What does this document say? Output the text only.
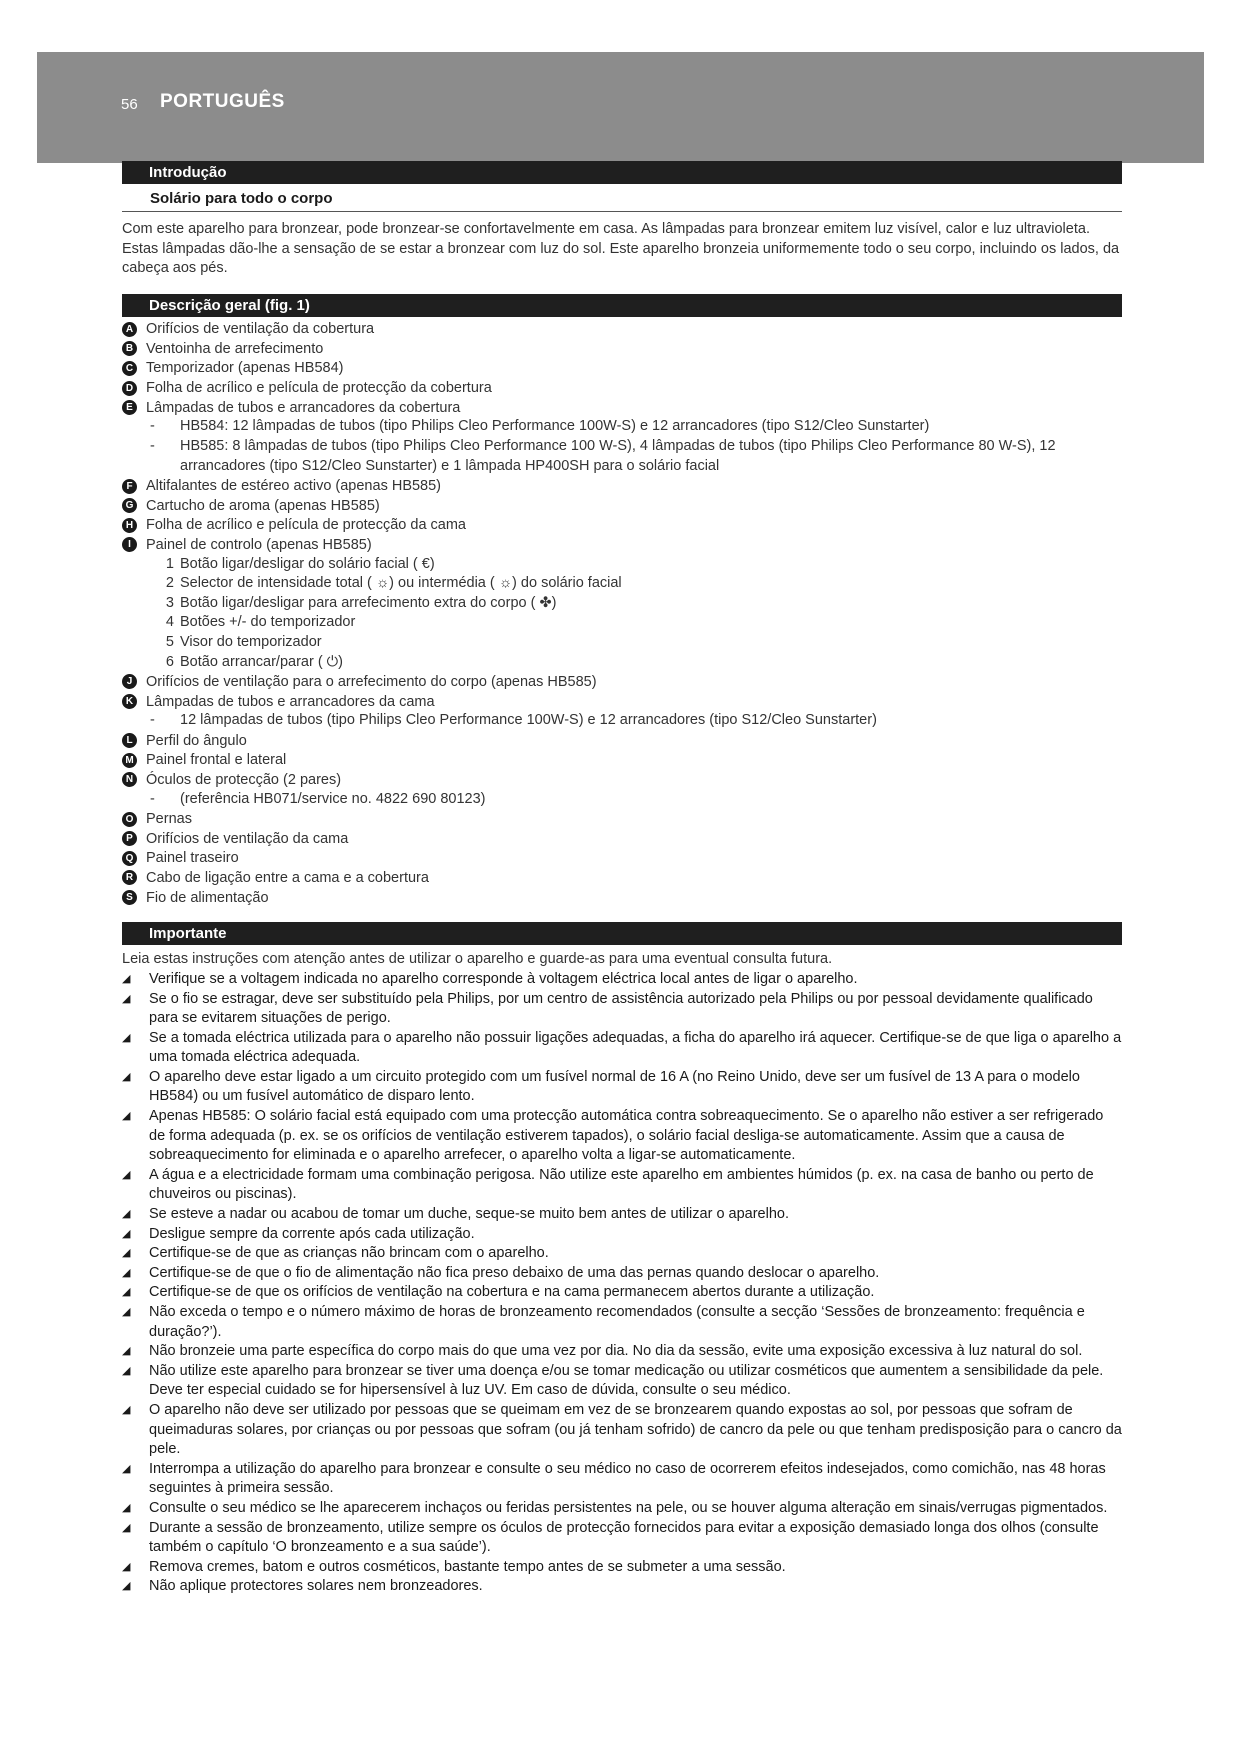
56 PORTUGUÊS
Introdução
Solário para todo o corpo
Com este aparelho para bronzear, pode bronzear-se confortavelmente em casa. As lâmpadas para bronzear emitem luz visível, calor e luz ultravioleta. Estas lâmpadas dão-lhe a sensação de se estar a bronzear com luz do sol. Este aparelho bronzeia uniformemente todo o seu corpo, incluindo os lados, da cabeça aos pés.
Descrição geral (fig. 1)
A Orifícios de ventilação da cobertura
B Ventoinha de arrefecimento
C Temporizador (apenas HB584)
D Folha de acrílico e película de protecção da cobertura
E Lâmpadas de tubos e arrancadores da cobertura
-	HB584: 12 lâmpadas de tubos (tipo Philips Cleo Performance 100W-S) e 12 arrancadores (tipo S12/Cleo Sunstarter)
-	HB585: 8 lâmpadas de tubos (tipo Philips Cleo Performance 100 W-S), 4 lâmpadas de tubos (tipo Philips Cleo Performance 80 W-S), 12 arrancadores (tipo S12/Cleo Sunstarter) e 1 lâmpada HP400SH para o solário facial
F Altifalantes de estéreo activo (apenas HB585)
G Cartucho de aroma (apenas HB585)
H Folha de acrílico e película de protecção da cama
I	Painel de controlo (apenas HB585)
1 Botão ligar/desligar do solário facial ( €)
2 Selector de intensidade total ( ☼) ou intermédia ( ☼) do solário facial
3 Botão ligar/desligar para arrefecimento extra do corpo ( ✤)
4 Botões +/- do temporizador
5 Visor do temporizador
6 Botão arrancar/parar ( ⏻)
J Orifícios de ventilação para o arrefecimento do corpo (apenas HB585)
K Lâmpadas de tubos e arrancadores da cama
-	12 lâmpadas de tubos (tipo Philips Cleo Performance 100W-S) e 12 arrancadores (tipo S12/Cleo Sunstarter)
L Perfil do ângulo
M Painel frontal e lateral
N Óculos de protecção (2 pares)
-	(referência HB071/service no. 4822 690 80123)
O Pernas
P Orifícios de ventilação da cama
Q Painel traseiro
R Cabo de ligação entre a cama e a cobertura
S Fio de alimentação
Importante
Leia estas instruções com atenção antes de utilizar o aparelho e guarde-as para uma eventual consulta futura.
◢	Verifique se a voltagem indicada no aparelho corresponde à voltagem eléctrica local antes de ligar o aparelho.
◢	Se o fio se estragar, deve ser substituído pela Philips, por um centro de assistência autorizado pela Philips ou por pessoal devidamente qualificado para se evitarem situações de perigo.
◢	Se a tomada eléctrica utilizada para o aparelho não possuir ligações adequadas, a ficha do aparelho irá aquecer. Certifique-se de que liga o aparelho a uma tomada eléctrica adequada.
◢	O aparelho deve estar ligado a um circuito protegido com um fusível normal de 16 A (no Reino Unido, deve ser um fusível de 13 A para o modelo HB584) ou um fusível automático de disparo lento.
◢	Apenas HB585: O solário facial está equipado com uma protecção automática contra sobreaquecimento. Se o aparelho não estiver a ser refrigerado de forma adequada (p. ex. se os orifícios de ventilação estiverem tapados), o solário facial desliga-se automaticamente. Assim que a causa de sobreaquecimento for eliminada e o aparelho arrefecer, o aparelho volta a ligar-se automaticamente.
◢	A água e a electricidade formam uma combinação perigosa. Não utilize este aparelho em ambientes húmidos (p. ex. na casa de banho ou perto de chuveiros ou piscinas).
◢	Se esteve a nadar ou acabou de tomar um duche, seque-se muito bem antes de utilizar o aparelho.
◢	Desligue sempre da corrente após cada utilização.
◢	Certifique-se de que as crianças não brincam com o aparelho.
◢	Certifique-se de que o fio de alimentação não fica preso debaixo de uma das pernas quando deslocar o aparelho.
◢	Certifique-se de que os orifícios de ventilação na cobertura e na cama permanecem abertos durante a utilização.
◢	Não exceda o tempo e o número máximo de horas de bronzeamento recomendados (consulte a secção ‘Sessões de bronzeamento: frequência e duração?’).
◢	Não bronzeie uma parte específica do corpo mais do que uma vez por dia. No dia da sessão, evite uma exposição excessiva à luz natural do sol.
◢	Não utilize este aparelho para bronzear se tiver uma doença e/ou se tomar medicação ou utilizar cosméticos que aumentem a sensibilidade da pele. Deve ter especial cuidado se for hipersensível à luz UV. Em caso de dúvida, consulte o seu médico.
◢	O aparelho não deve ser utilizado por pessoas que se queimam em vez de se bronzearem quando expostas ao sol, por pessoas que sofram de queimaduras solares, por crianças ou por pessoas que sofram (ou já tenham sofrido) de cancro da pele ou que tenham predisposição para o cancro da pele.
◢	Interrompa a utilização do aparelho para bronzear e consulte o seu médico no caso de ocorrerem efeitos indesejados, como comichão, nas 48 horas seguintes à primeira sessão.
◢	Consulte o seu médico se lhe aparecerem inchaços ou feridas persistentes na pele, ou se houver alguma alteração em sinais/verrugas pigmentados.
◢	Durante a sessão de bronzeamento, utilize sempre os óculos de protecção fornecidos para evitar a exposição demasiado longa dos olhos (consulte também o capítulo ‘O bronzeamento e a sua saúde’).
◢	Remova cremes, batom e outros cosméticos, bastante tempo antes de se submeter a uma sessão.
◢	Não aplique protectores solares nem bronzeadores.
